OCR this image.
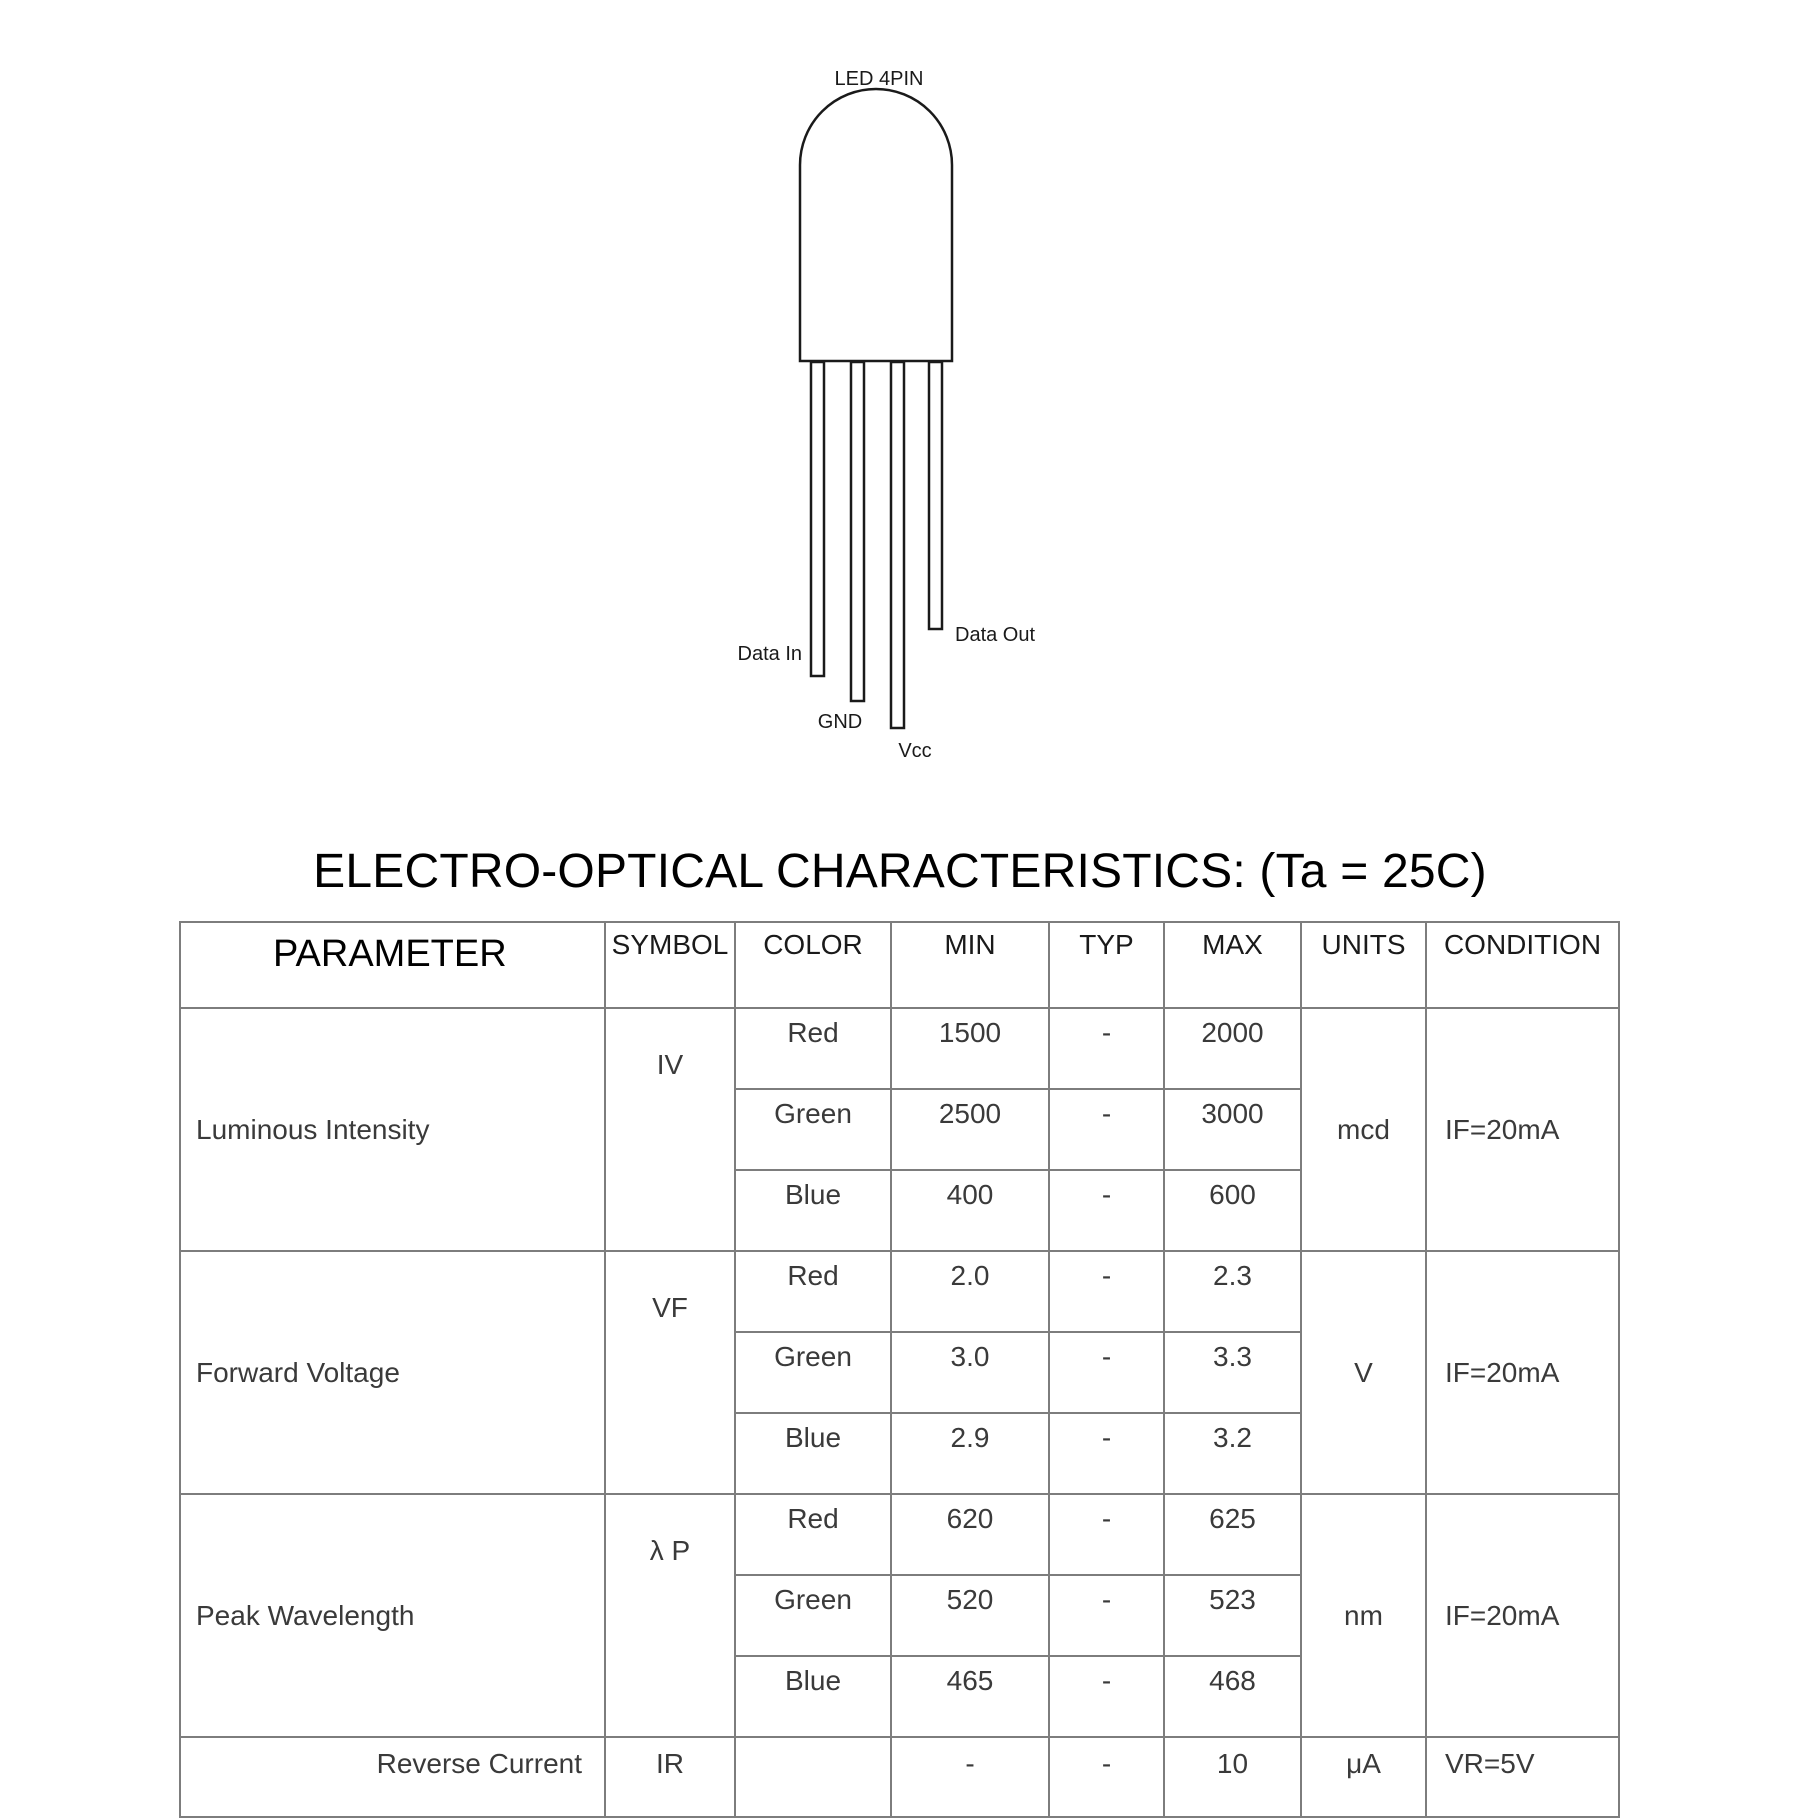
LED 4PIN
Data In
GND
Vcc
Data Out
ELECTRO-OPTICAL CHARACTERISTICS: (Ta = 25C)
PARAMETER	SYMBOL	COLOR	MIN	TYP	MAX	UNITS	CONDITION
Luminous Intensity	IV	Red	1500	-	2000	mcd	IF=20mA
		Green	2500	-	3000		
		Blue	400	-	600		
Forward Voltage	VF	Red	2.0	-	2.3	V	IF=20mA
		Green	3.0	-	3.3		
		Blue	2.9	-	3.2		
Peak Wavelength	λ P	Red	620	-	625	nm	IF=20mA
		Green	520	-	523		
		Blue	465	-	468		
Reverse Current	IR		-	-	10	μA	VR=5V
